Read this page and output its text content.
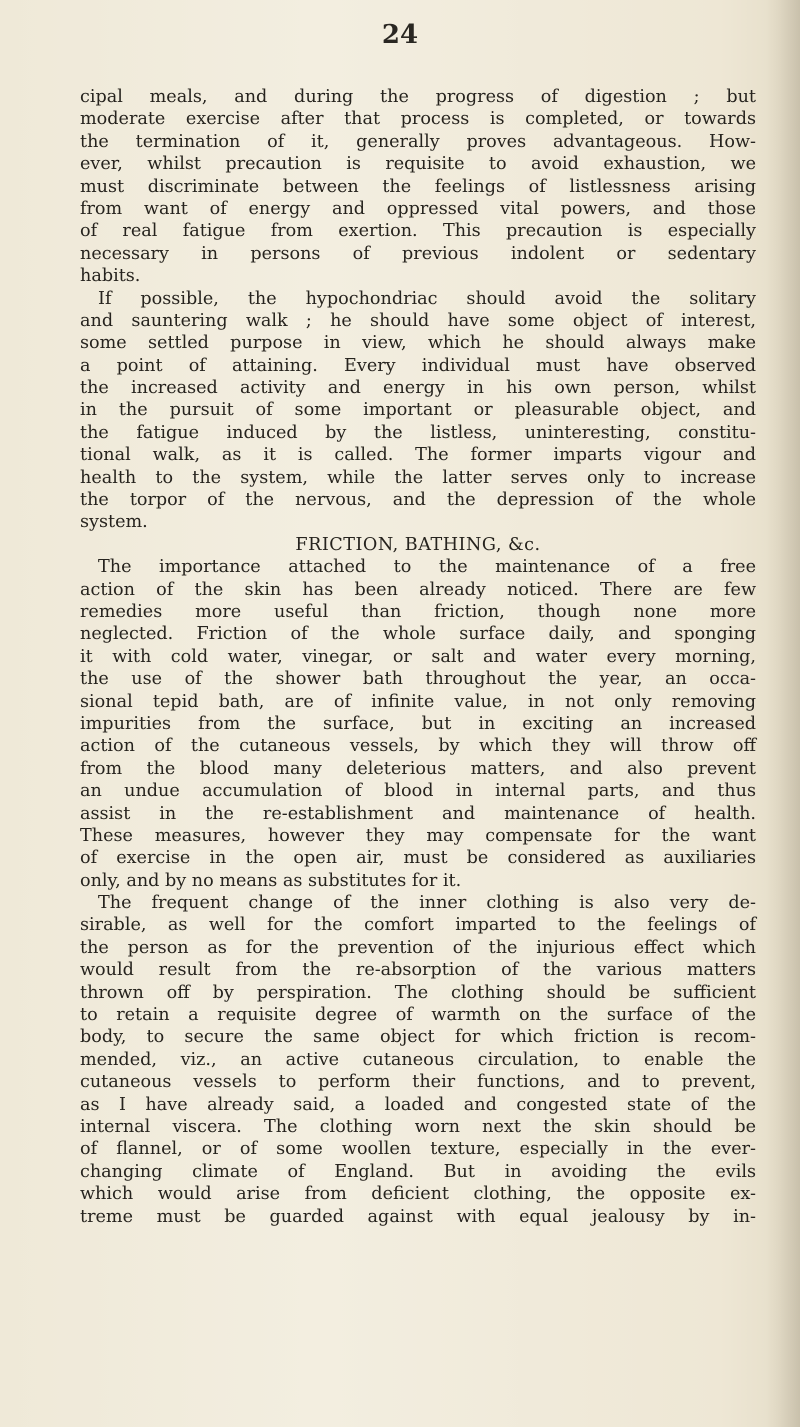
24
cipal meals, and during the progress of digestion ; but
moderate exercise after that process is completed, or towards
the termination of it, generally proves advantageous. How-
ever, whilst precaution is requisite to avoid exhaustion, we
must discriminate between the feelings of listlessness arising
from want of energy and oppressed vital powers, and those
of real fatigue from exertion. This precaution is especially
necessary in persons of previous indolent or sedentary
habits.
If possible, the hypochondriac should avoid the solitary
and sauntering walk ; he should have some object of interest,
some settled purpose in view, which he should always make
a point of attaining. Every individual must have observed
the increased activity and energy in his own person, whilst
in the pursuit of some important or pleasurable object, and
the fatigue induced by the listless, uninteresting, constitu-
tional walk, as it is called. The former imparts vigour and
health to the system, while the latter serves only to increase
the torpor of the nervous, and the depression of the whole
system.
FRICTION, BATHING, &c.
The importance attached to the maintenance of a free
action of the skin has been already noticed. There are few
remedies more useful than friction, though none more
neglected. Friction of the whole surface daily, and sponging
it with cold water, vinegar, or salt and water every morning,
the use of the shower bath throughout the year, an occa-
sional tepid bath, are of infinite value, in not only removing
impurities from the surface, but in exciting an increased
action of the cutaneous vessels, by which they will throw off
from the blood many deleterious matters, and also prevent
an undue accumulation of blood in internal parts, and thus
assist in the re-establishment and maintenance of health.
These measures, however they may compensate for the want
of exercise in the open air, must be considered as auxiliaries
only, and by no means as substitutes for it.
The frequent change of the inner clothing is also very de-
sirable, as well for the comfort imparted to the feelings of
the person as for the prevention of the injurious effect which
would result from the re-absorption of the various matters
thrown off by perspiration. The clothing should be sufficient
to retain a requisite degree of warmth on the surface of the
body, to secure the same object for which friction is recom-
mended, viz., an active cutaneous circulation, to enable the
cutaneous vessels to perform their functions, and to prevent,
as I have already said, a loaded and congested state of the
internal viscera. The clothing worn next the skin should be
of flannel, or of some woollen texture, especially in the ever-
changing climate of England. But in avoiding the evils
which would arise from deficient clothing, the opposite ex-
treme must be guarded against with equal jealousy by in-
